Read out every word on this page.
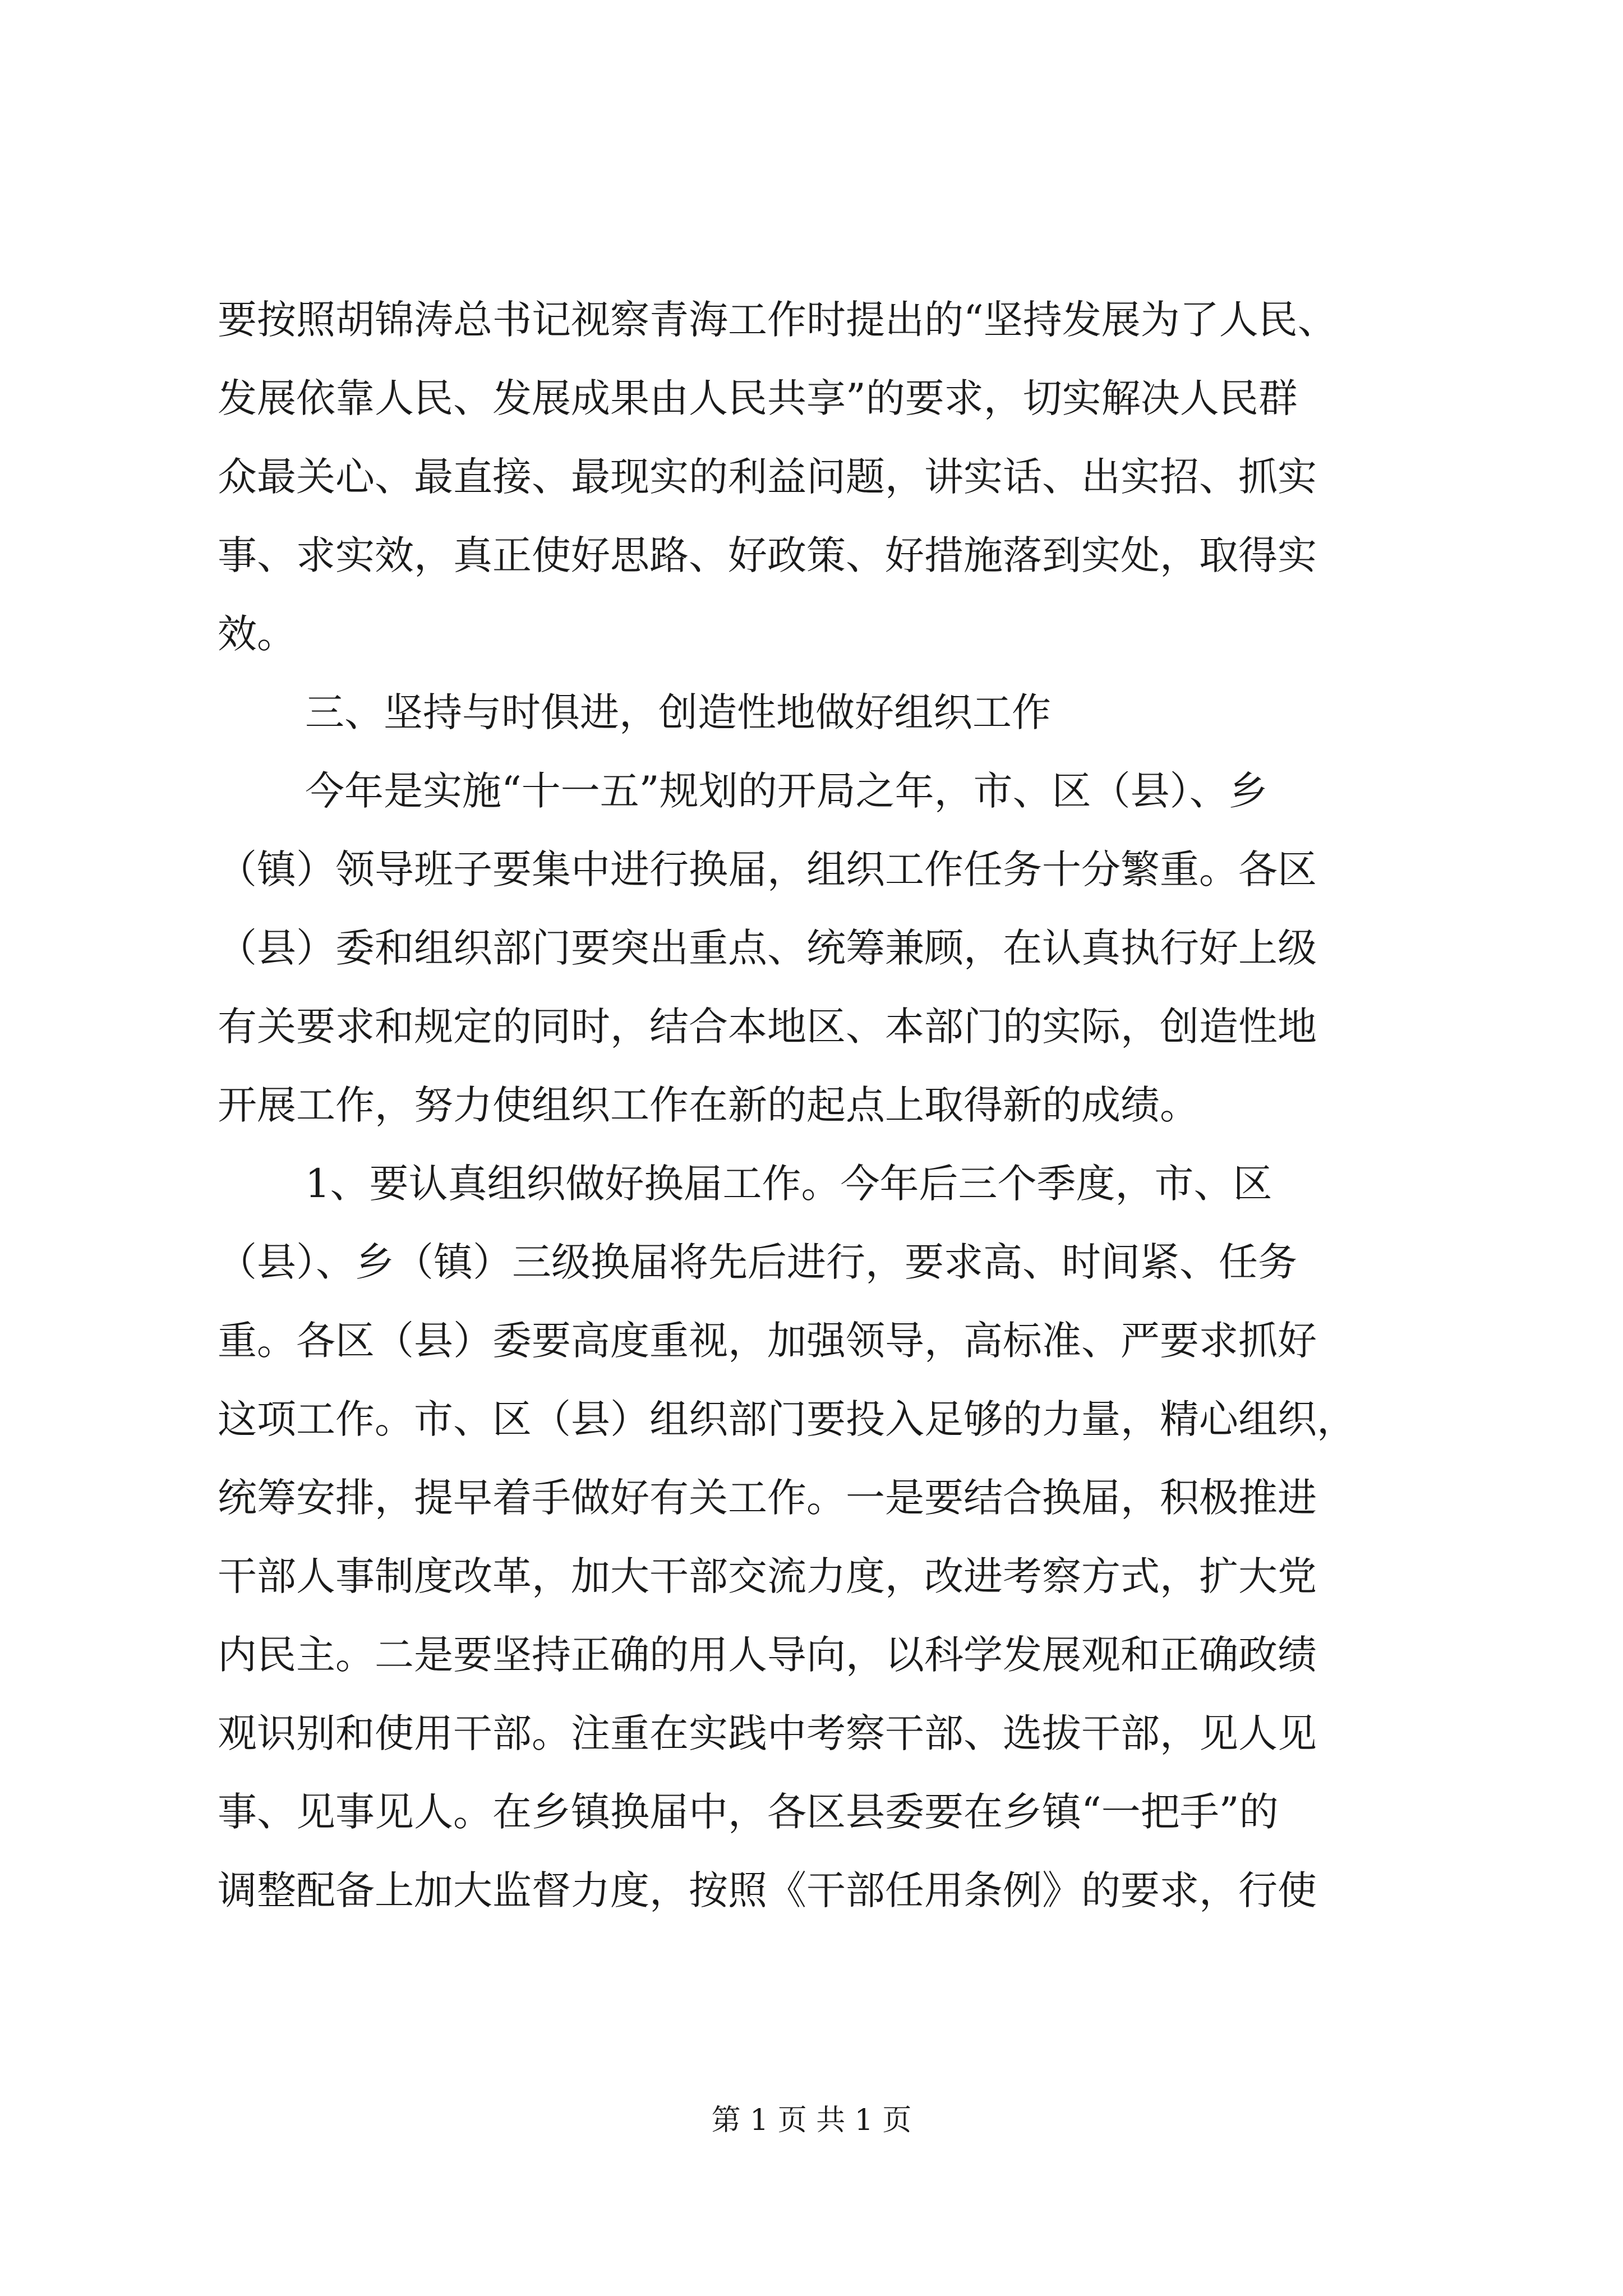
要按照胡锦涛总书记视察青海工作时提出的“坚持发展为了人民、
发展依靠人民、发展成果由人民共享”的要求，切实解决人民群
众最关心、最直接、最现实的利益问题，讲实话、出实招、抓实
事、求实效，真正使好思路、好政策、好措施落到实处，取得实
效。
三、坚持与时俱进，创造性地做好组织工作
今年是实施“十一五”规划的开局之年，市、区（县）、乡
（镇）领导班子要集中进行换届，组织工作任务十分繁重。各区
（县）委和组织部门要突出重点、统筹兼顾，在认真执行好上级
有关要求和规定的同时，结合本地区、本部门的实际，创造性地
开展工作，努力使组织工作在新的起点上取得新的成绩。
1、要认真组织做好换届工作。今年后三个季度，市、区
（县）、乡（镇）三级换届将先后进行，要求高、时间紧、任务
重。各区（县）委要高度重视，加强领导，高标准、严要求抓好
这项工作。市、区（县）组织部门要投入足够的力量，精心组织，
统筹安排，提早着手做好有关工作。一是要结合换届，积极推进
干部人事制度改革，加大干部交流力度，改进考察方式，扩大党
内民主。二是要坚持正确的用人导向，以科学发展观和正确政绩
观识别和使用干部。注重在实践中考察干部、选拔干部，见人见
事、见事见人。在乡镇换届中，各区县委要在乡镇“一把手”的
调整配备上加大监督力度，按照《干部任用条例》的要求，行使
第 1 页 共 1 页
